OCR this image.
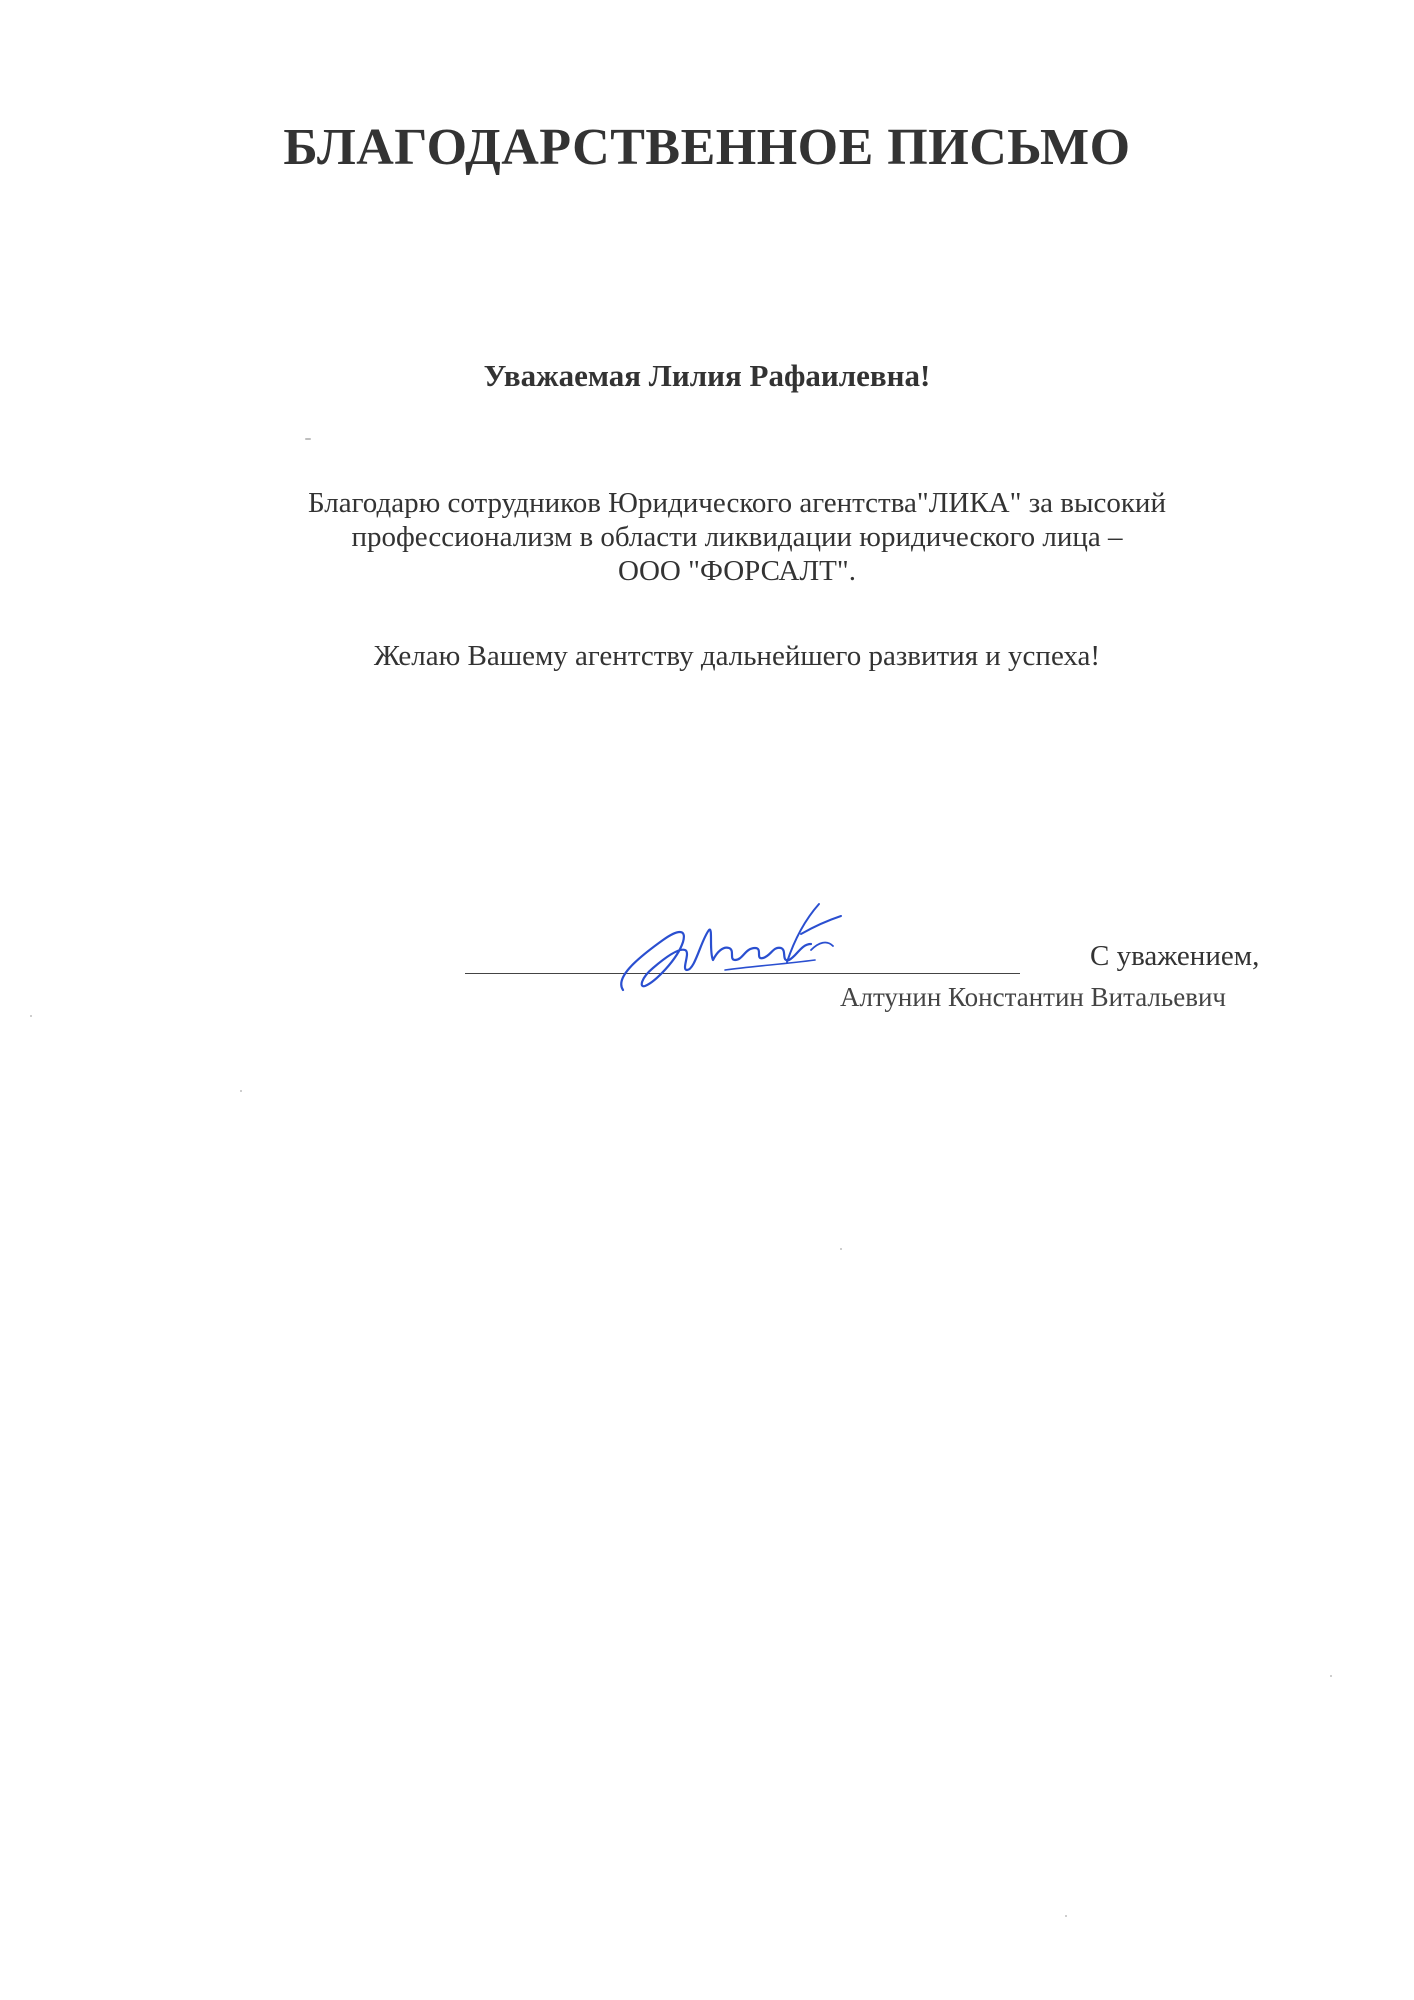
БЛАГОДАРСТВЕННОЕ ПИСЬМО

Уважаемая Лилия Рафаилевна!

Благодарю сотрудников Юридического агентства"ЛИКА" за высокий
профессионализм в области ликвидации юридического лица –
ООО "ФОРСАЛТ".

Желаю Вашему агентству дальнейшего развития и успеха!

С уважением,

Алтунин Константин Витальевич
